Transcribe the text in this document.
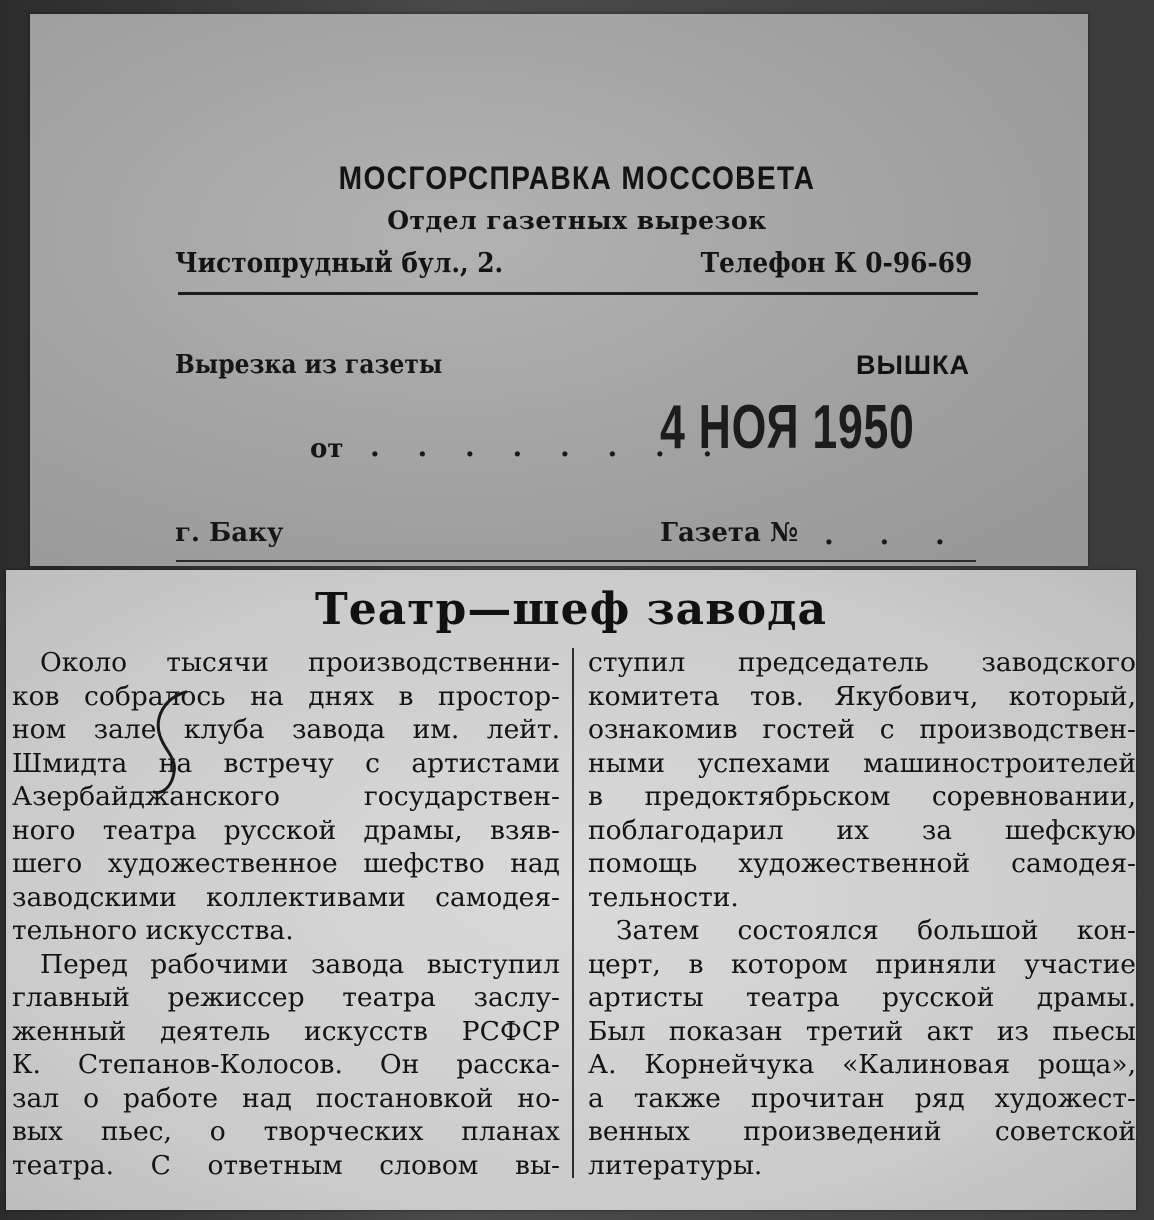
МОСГОРСПРАВКА МОССОВЕТА
Отдел газетных вырезок
Чистопрудный бул., 2.	Телефон К 0-96-69
Вырезка из газеты	ВЫШКА
от . . . . . . . .
4 НОЯ 1950
г. Баку	Газета № . . .
Театр—шеф завода
Около тысячи производственни-
ков собралось на днях в простор-
ном зале клуба завода им. лейт.
Шмидта на встречу с артистами
Азербайджанского государствен-
ного театра русской драмы, взяв-
шего художественное шефство над
заводскими коллективами самодея-
тельного искусства.
Перед рабочими завода выступил
главный режиссер театра заслу-
женный деятель искусств РСФСР
К. Степанов-Колосов. Он расска-
зал о работе над постановкой но-
вых пьес, о творческих планах
театра. С ответным словом вы-
ступил председатель заводского
комитета тов. Якубович, который,
ознакомив гостей с производствен-
ными успехами машиностроителей
в предоктябрьском соревновании,
поблагодарил их за шефскую
помощь художественной самодея-
тельности.
Затем состоялся большой кон-
церт, в котором приняли участие
артисты театра русской драмы.
Был показан третий акт из пьесы
А. Корнейчука «Калиновая роща»,
а также прочитан ряд художест-
венных произведений советской
литературы.
